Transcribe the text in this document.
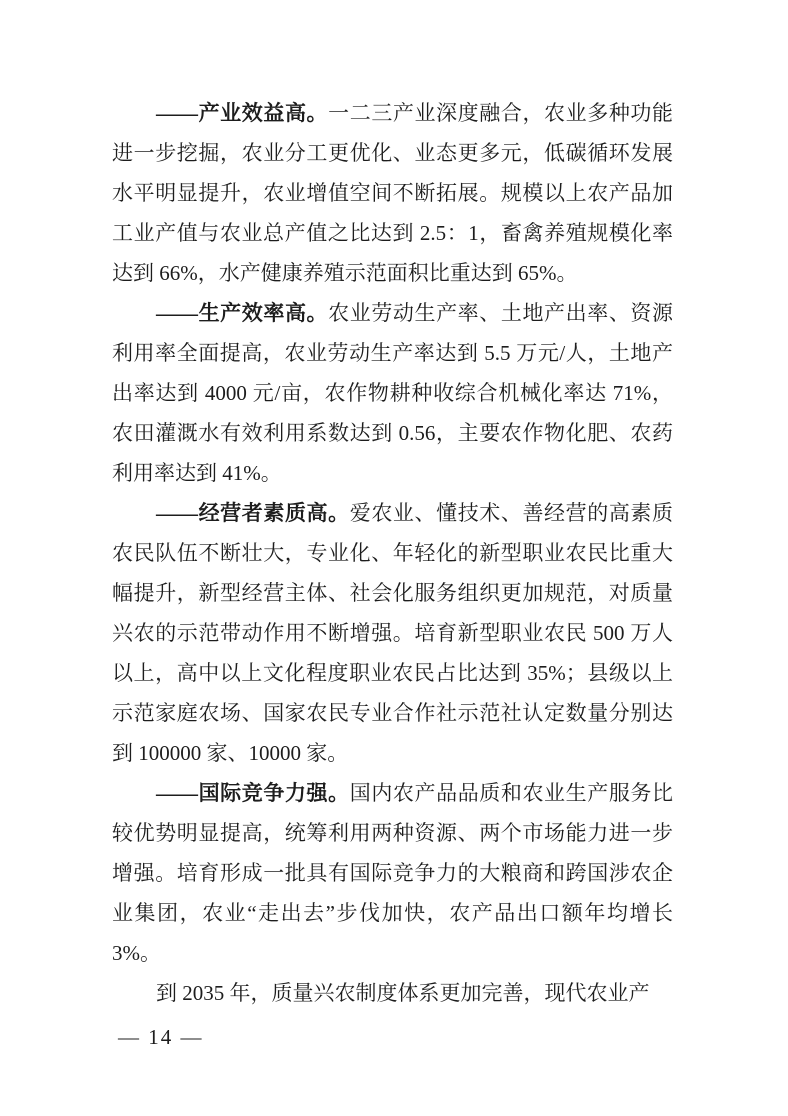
——产业效益高。一二三产业深度融合，农业多种功能进一步挖掘，农业分工更优化、业态更多元，低碳循环发展水平明显提升，农业增值空间不断拓展。规模以上农产品加工业产值与农业总产值之比达到 2.5：1，畜禽养殖规模化率达到 66%，水产健康养殖示范面积比重达到 65%。

——生产效率高。农业劳动生产率、土地产出率、资源利用率全面提高，农业劳动生产率达到 5.5 万元/人，土地产出率达到 4000 元/亩，农作物耕种收综合机械化率达 71%，农田灌溉水有效利用系数达到 0.56，主要农作物化肥、农药利用率达到 41%。

——经营者素质高。爱农业、懂技术、善经营的高素质农民队伍不断壮大，专业化、年轻化的新型职业农民比重大幅提升，新型经营主体、社会化服务组织更加规范，对质量兴农的示范带动作用不断增强。培育新型职业农民 500 万人以上，高中以上文化程度职业农民占比达到 35%；县级以上示范家庭农场、国家农民专业合作社示范社认定数量分别达到 100000 家、10000 家。

——国际竞争力强。国内农产品品质和农业生产服务比较优势明显提高，统筹利用两种资源、两个市场能力进一步增强。培育形成一批具有国际竞争力的大粮商和跨国涉农企业集团，农业“走出去”步伐加快，农产品出口额年均增长 3%。

到 2035 年，质量兴农制度体系更加完善，现代农业产

— 14 —
